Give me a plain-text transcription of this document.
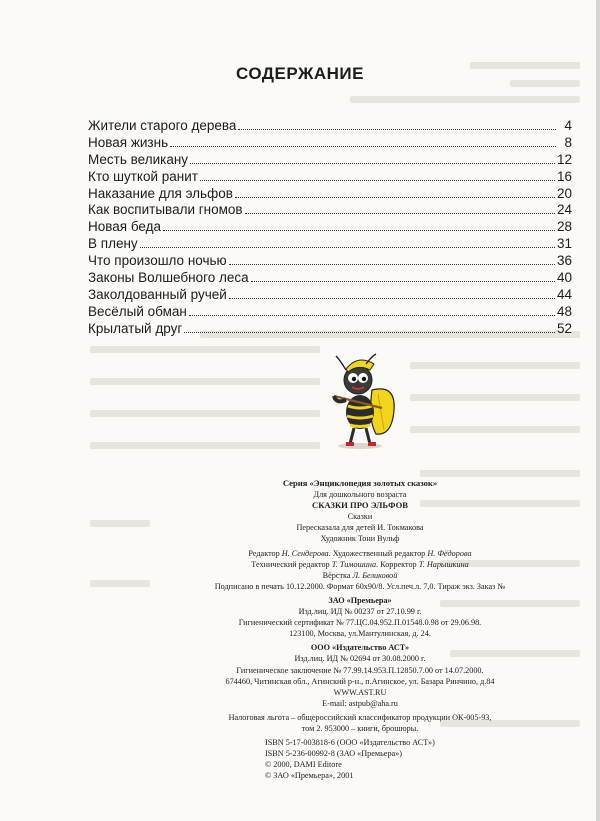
СОДЕРЖАНИЕ
Жители старого дерева	4
Новая жизнь	8
Месть великану	12
Кто шуткой ранит	16
Наказание для эльфов	20
Как воспитывали гномов	24
Новая беда	28
В плену	31
Что произошло ночью	36
Законы Волшебного леса	40
Заколдованный ручей	44
Весёлый обман	48
Крылатый друг	52
Серия «Энциклопедия золотых сказок»
Для дошкольного возраста
СКАЗКИ ПРО ЭЛЬФОВ
Сказки
Пересказала для детей И. Токмакова
Художник Тони Вульф
Редактор Н. Сендерова. Художественный редактор Н. Фёдорова
Технический редактор Т. Тимошина. Корректор Т. Нарышкина
Вёрстка Л. Беликовой
Подписано в печать 10.12.2000. Формат 60х90/8. Усл.печ.л. 7,0. Тираж экз. Заказ №
ЗАО «Премьера»
Изд.лиц. ИД № 00237 от 27.10.99 г.
Гигиенический сертификат № 77.ЦС.04.952.П.01548.0.98 от 29.06.98.
123100, Москва, ул.Мантулинская, д. 24.
ООО «Издательство АСТ»
Изд.лиц. ИД № 02694 от 30.08.2000 г.
Гигиеническое заключение № 77.99.14.953.П.12850.7.00 от 14.07.2000.
674460, Читинская обл., Агинский р-н., п.Агинское, ул. Базара Ринчино, д.84
WWW.AST.RU
E-mail: astpub@aha.ru
Налоговая льгота – общероссийский классификатор продукции ОК-005-93,
том 2. 953000 – книги, брошюры.
ISBN 5-17-003818-6 (ООО «Издательство АСТ»)
ISBN 5-236-00992-8 (ЗАО «Премьера»)
© 2000, DAMI Editore
© ЗАО «Премьера», 2001
